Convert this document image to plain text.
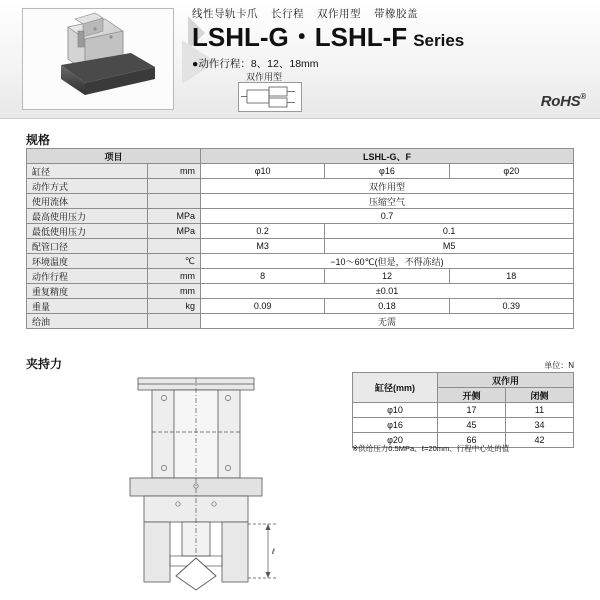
线性导轨卡爪 长行程 双作用型 带橡胶盖
LSHL-G・LSHL-F Series
●动作行程：8、12、18mm
双作用型
RoHS®
规格
项目		LSHL-G、F		
缸径	mm	φ10	φ16	φ20
动作方式		双作用型		
使用流体		压缩空气		
最高使用压力	MPa	0.7		
最低使用压力	MPa	0.2	0.1	
配管口径		M3	M5	
环境温度	℃	−10〜60℃(但是，不得冻结)		
动作行程	mm	8	12	18
重复精度	mm	±0.01		
重量	kg	0.09	0.18	0.39
给油		无需		
夹持力	单位：N
缸径(mm)	双作用	
	开侧	闭侧
φ10	17	11
φ16	45	34
φ20	66	42
※供给压力0.5MPa、ℓ=20mm、行程中心处的值
ℓ
